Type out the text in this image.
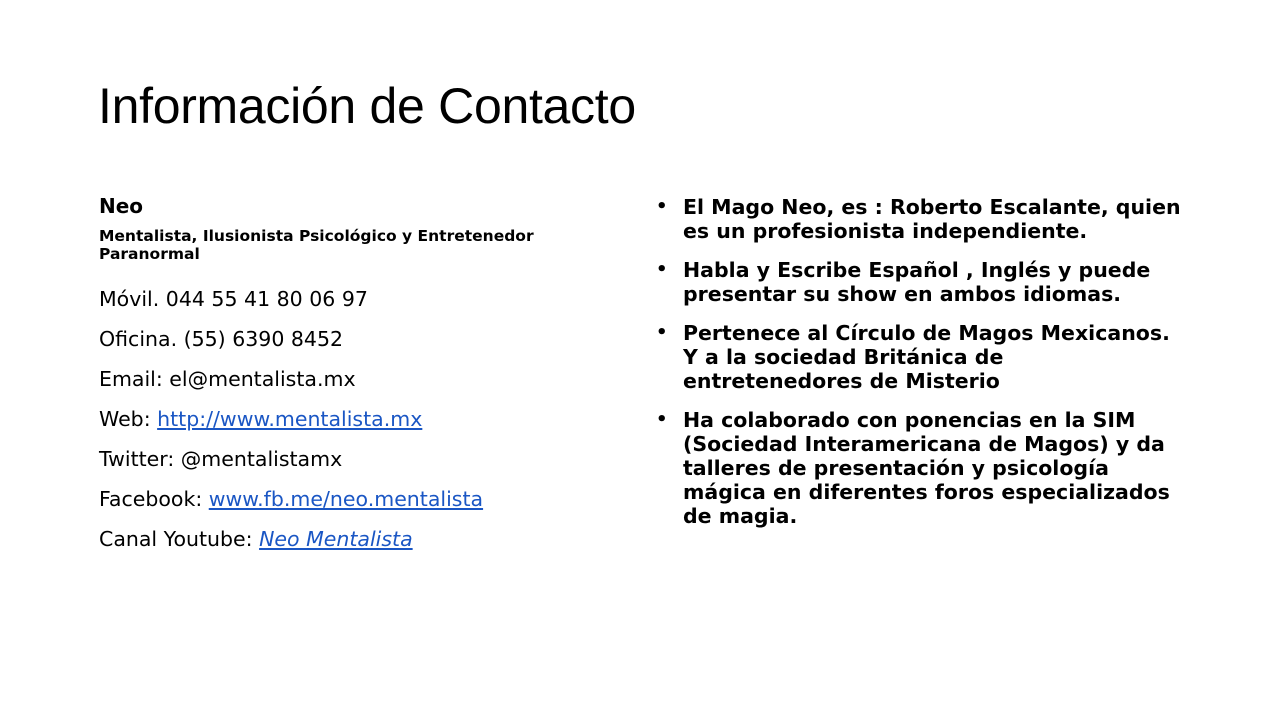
Información de Contacto

Neo

Mentalista, Ilusionista Psicológico y Entretenedor Paranormal

Móvil. 044 55 41 80 06 97

Oficina. (55) 6390 8452

Email: el@mentalista.mx

Web: http://www.mentalista.mx

Twitter: @mentalistamx

Facebook: www.fb.me/neo.mentalista

Canal Youtube: Neo Mentalista

• El Mago Neo, es : Roberto Escalante, quien es un profesionista independiente.
• Habla y Escribe Español , Inglés y puede presentar su show en ambos idiomas.
• Pertenece al Círculo de Magos Mexicanos. Y a la sociedad Británica de entretenedores de Misterio
• Ha colaborado con ponencias en la SIM (Sociedad Interamericana de Magos) y da talleres de presentación y psicología mágica en diferentes foros especializados de magia.
